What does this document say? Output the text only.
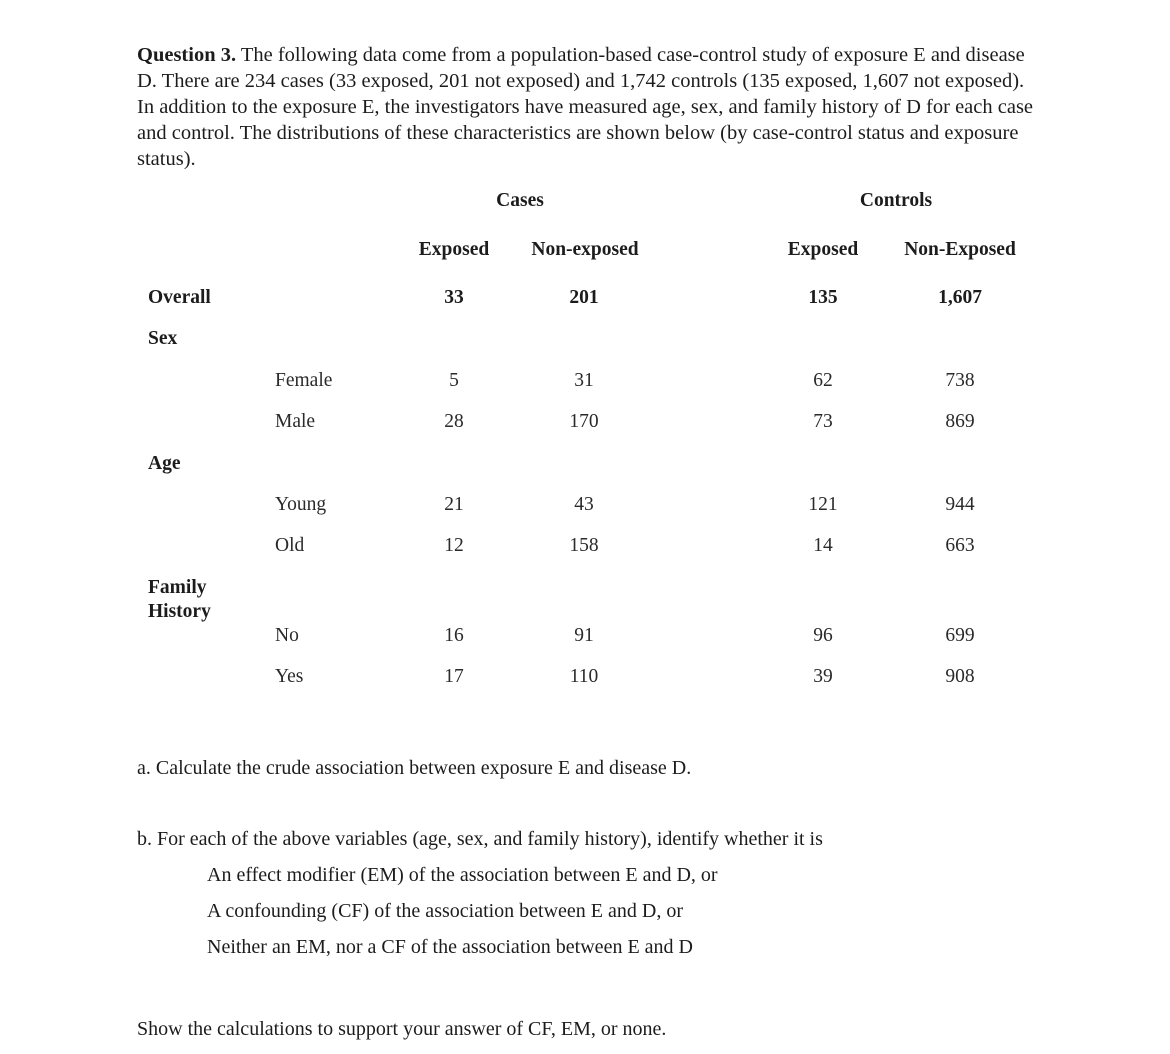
Question 3. The following data come from a population-based case-control study of exposure E and disease D. There are 234 cases (33 exposed, 201 not exposed) and 1,742 controls (135 exposed, 1,607 not exposed). In addition to the exposure E, the investigators have measured age, sex, and family history of D for each case and control. The distributions of these characteristics are shown below (by case-control status and exposure status).

Cases	Controls
Exposed	Non-exposed	Exposed	Non-Exposed
Overall	33	201	135	1,607
Sex
Female	5	31	62	738
Male	28	170	73	869
Age
Young	21	43	121	944
Old	12	158	14	663
Family
History
No	16	91	96	699
Yes	17	110	39	908

a. Calculate the crude association between exposure E and disease D.

b. For each of the above variables (age, sex, and family history), identify whether it is

An effect modifier (EM) of the association between E and D, or

A confounding (CF) of the association between E and D, or

Neither an EM, nor a CF of the association between E and D

Show the calculations to support your answer of CF, EM, or none.
